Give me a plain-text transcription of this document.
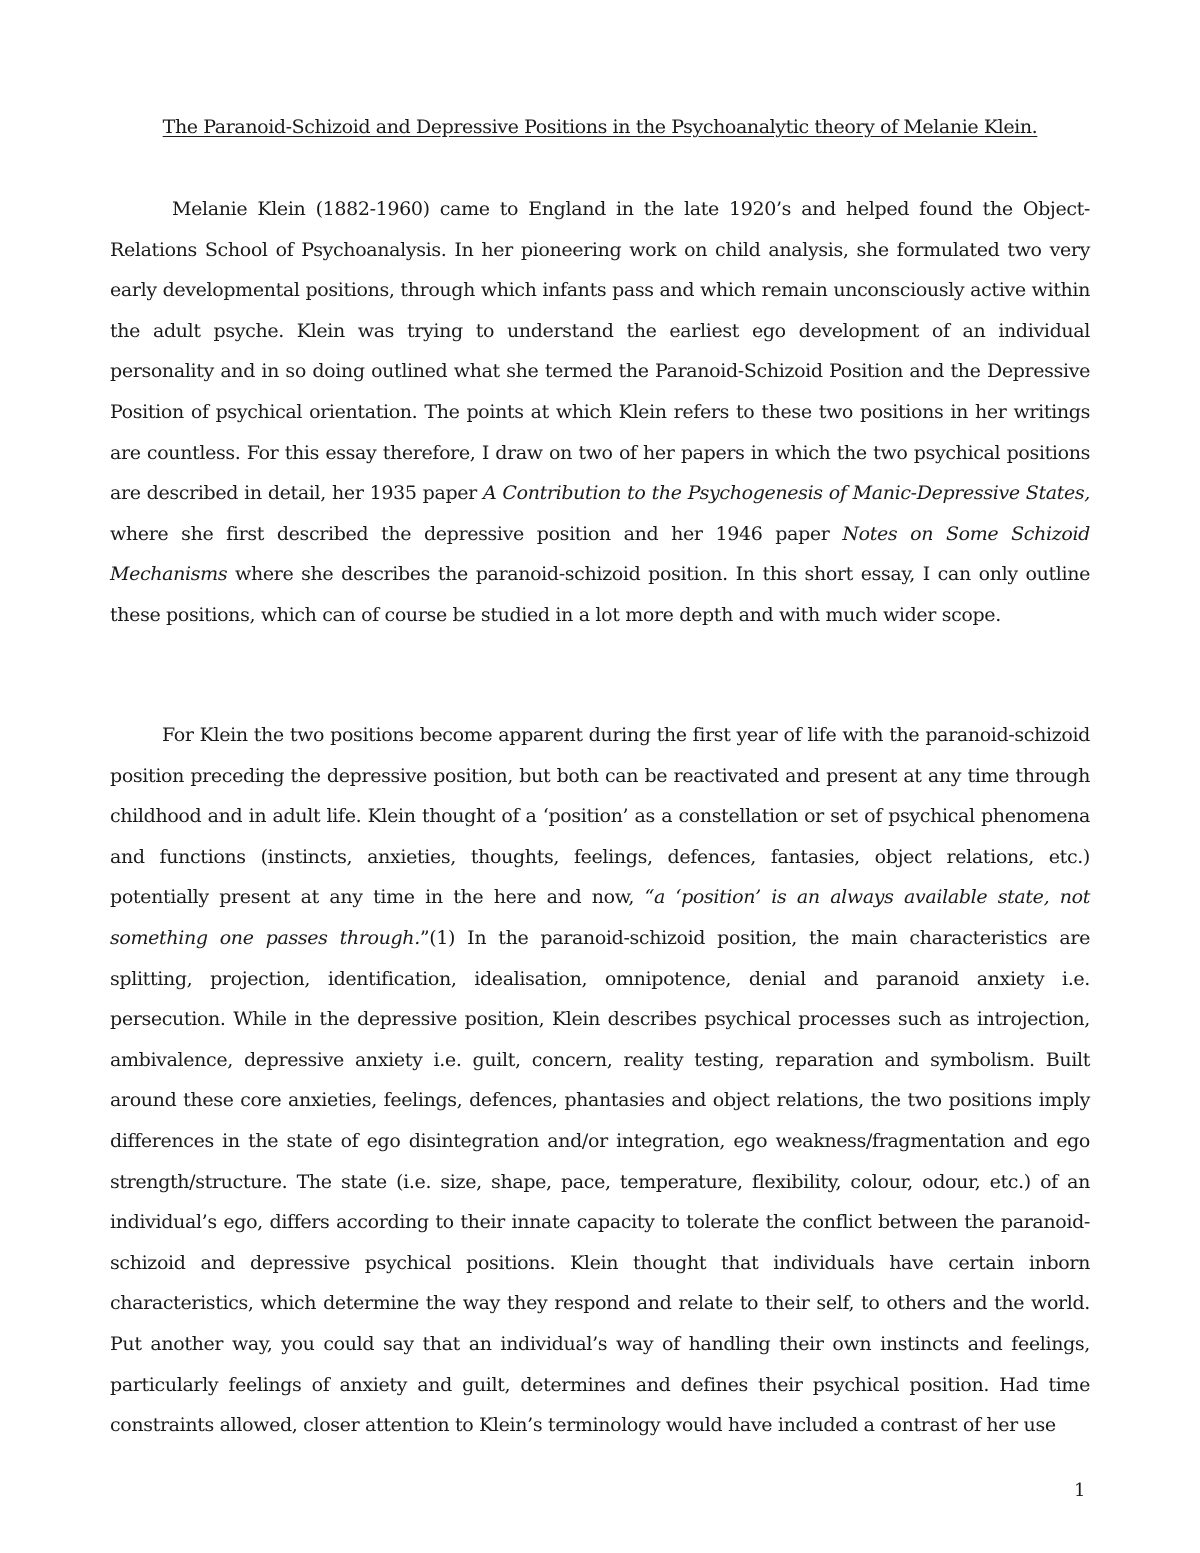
The Paranoid-Schizoid and Depressive Positions in the Psychoanalytic theory of Melanie Klein.

Melanie Klein (1882-1960) came to England in the late 1920’s and helped found the Object-Relations School of Psychoanalysis. In her pioneering work on child analysis, she formulated two very early developmental positions, through which infants pass and which remain unconsciously active within the adult psyche. Klein was trying to understand the earliest ego development of an individual personality and in so doing outlined what she termed the Paranoid-Schizoid Position and the Depressive Position of psychical orientation. The points at which Klein refers to these two positions in her writings are countless. For this essay therefore, I draw on two of her papers in which the two psychical positions are described in detail, her 1935 paper A Contribution to the Psychogenesis of Manic-Depressive States, where she first described the depressive position and her 1946 paper Notes on Some Schizoid Mechanisms where she describes the paranoid-schizoid position. In this short essay, I can only outline these positions, which can of course be studied in a lot more depth and with much wider scope.

For Klein the two positions become apparent during the first year of life with the paranoid-schizoid position preceding the depressive position, but both can be reactivated and present at any time through childhood and in adult life. Klein thought of a ‘position’ as a constellation or set of psychical phenomena and functions (instincts, anxieties, thoughts, feelings, defences, fantasies, object relations, etc.) potentially present at any time in the here and now, “a ‘position’ is an always available state, not something one passes through.”(1) In the paranoid-schizoid position, the main characteristics are splitting, projection, identification, idealisation, omnipotence, denial and paranoid anxiety i.e. persecution. While in the depressive position, Klein describes psychical processes such as introjection, ambivalence, depressive anxiety i.e. guilt, concern, reality testing, reparation and symbolism. Built around these core anxieties, feelings, defences, phantasies and object relations, the two positions imply differences in the state of ego disintegration and/or integration, ego weakness/fragmentation and ego strength/structure. The state (i.e. size, shape, pace, temperature, flexibility, colour, odour, etc.) of an individual’s ego, differs according to their innate capacity to tolerate the conflict between the paranoid-schizoid and depressive psychical positions. Klein thought that individuals have certain inborn characteristics, which determine the way they respond and relate to their self, to others and the world. Put another way, you could say that an individual’s way of handling their own instincts and feelings, particularly feelings of anxiety and guilt, determines and defines their psychical position. Had time constraints allowed, closer attention to Klein’s terminology would have included a contrast of her use

1
